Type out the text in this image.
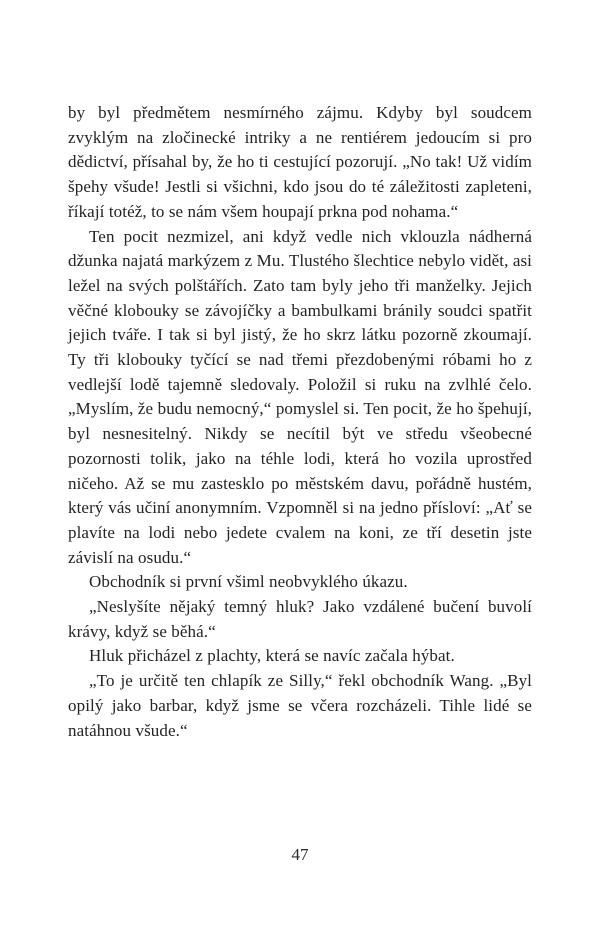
by byl předmětem nesmírného zájmu. Kdyby byl soudcem zvyklým na zločinecké intriky a ne rentiérem jedoucím si pro dědictví, přísahal by, že ho ti cestující pozorují. „No tak! Už vidím špehy všude! Jestli si všichni, kdo jsou do té záležitosti zapleteni, říkají totéž, to se nám všem houpají prkna pod nohama.“

Ten pocit nezmizel, ani když vedle nich vklouzla nádherná džunka najatá markýzem z Mu. Tlustého šlechtice nebylo vidět, asi ležel na svých polštářích. Zato tam byly jeho tři manželky. Jejich věčné klobouky se závojíčky a bambulkami bránily soudci spatřit jejich tváře. I tak si byl jistý, že ho skrz látku pozorně zkoumají. Ty tři klobouky tyčící se nad třemi přezdobenými róbami ho z vedlejší lodě tajemně sledovaly. Položil si ruku na zvlhlé čelo. „Myslím, že budu nemocný,“ pomyslel si. Ten pocit, že ho špehují, byl nesnesitelný. Nikdy se necítil být ve středu všeobecné pozornosti tolik, jako na téhle lodi, která ho vozila uprostřed ničeho. Až se mu zastesklo po městském davu, pořádně hustém, který vás učiní anonymním. Vzpomněl si na jedno přísloví: „Ať se plavíte na lodi nebo jedete cvalem na koni, ze tří desetin jste závislí na osudu.“

Obchodník si první všiml neobvyklého úkazu.

„Neslyšíte nějaký temný hluk? Jako vzdálené bučení buvolí krávy, když se běhá.“

Hluk přicházel z plachty, která se navíc začala hýbat.

„To je určitě ten chlapík ze Silly,“ řekl obchodník Wang. „Byl opilý jako barbar, když jsme se včera rozcházeli. Tihle lidé se natáhnou všude.“

47
